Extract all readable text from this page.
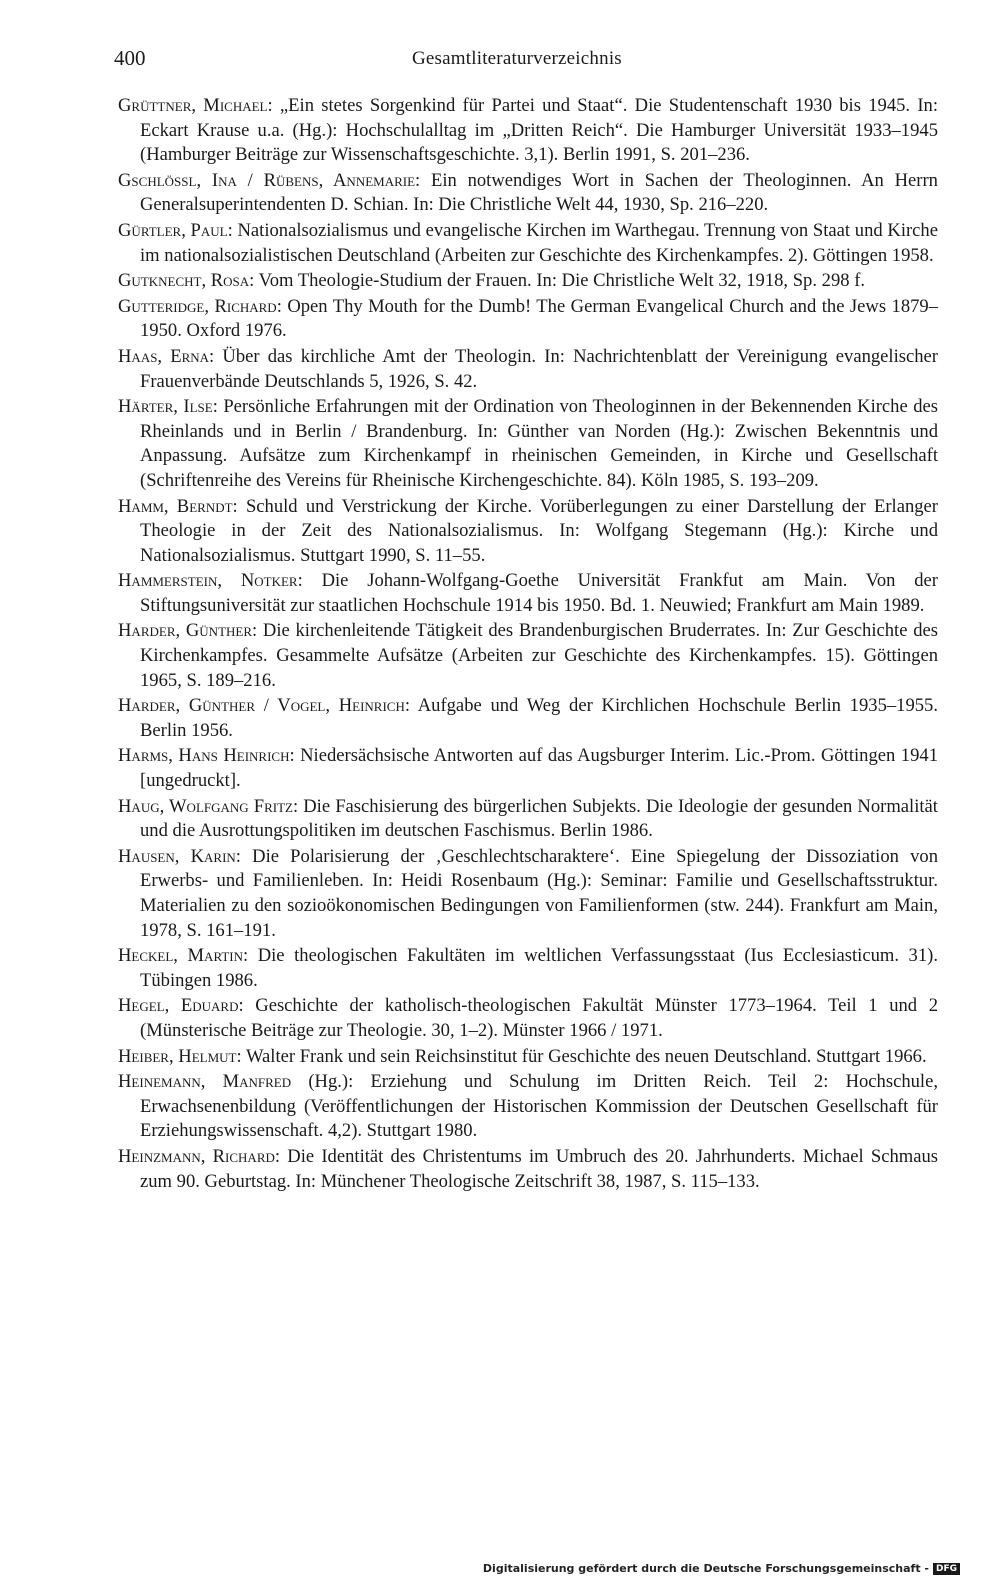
400	Gesamtliteraturverzeichnis

Grüttner, Michael: „Ein stetes Sorgenkind für Partei und Staat“. Die Studentenschaft 1930 bis 1945. In: Eckart Krause u.a. (Hg.): Hochschulalltag im „Dritten Reich“. Die Hamburger Universität 1933–1945 (Hamburger Beiträge zur Wissenschaftsgeschichte. 3,1). Berlin 1991, S. 201–236.

Gschlössl, Ina / Rübens, Annemarie: Ein notwendiges Wort in Sachen der Theologinnen. An Herrn Generalsuperintendenten D. Schian. In: Die Christliche Welt 44, 1930, Sp. 216–220.

Gürtler, Paul: Nationalsozialismus und evangelische Kirchen im Warthegau. Trennung von Staat und Kirche im nationalsozialistischen Deutschland (Arbeiten zur Geschichte des Kirchenkampfes. 2). Göttingen 1958.

Gutknecht, Rosa: Vom Theologie-Studium der Frauen. In: Die Christliche Welt 32, 1918, Sp. 298 f.

Gutteridge, Richard: Open Thy Mouth for the Dumb! The German Evangelical Church and the Jews 1879–1950. Oxford 1976.

Haas, Erna: Über das kirchliche Amt der Theologin. In: Nachrichtenblatt der Vereinigung evangelischer Frauenverbände Deutschlands 5, 1926, S. 42.

Härter, Ilse: Persönliche Erfahrungen mit der Ordination von Theologinnen in der Bekennenden Kirche des Rheinlands und in Berlin / Brandenburg. In: Günther van Norden (Hg.): Zwischen Bekenntnis und Anpassung. Aufsätze zum Kirchenkampf in rheinischen Gemeinden, in Kirche und Gesellschaft (Schriftenreihe des Vereins für Rheinische Kirchengeschichte. 84). Köln 1985, S. 193–209.

Hamm, Berndt: Schuld und Verstrickung der Kirche. Vorüberlegungen zu einer Darstellung der Erlanger Theologie in der Zeit des Nationalsozialismus. In: Wolfgang Stegemann (Hg.): Kirche und Nationalsozialismus. Stuttgart 1990, S. 11–55.

Hammerstein, Notker: Die Johann-Wolfgang-Goethe Universität Frankfut am Main. Von der Stiftungsuniversität zur staatlichen Hochschule 1914 bis 1950. Bd. 1. Neuwied; Frankfurt am Main 1989.

Harder, Günther: Die kirchenleitende Tätigkeit des Brandenburgischen Bruderrates. In: Zur Geschichte des Kirchenkampfes. Gesammelte Aufsätze (Arbeiten zur Geschichte des Kirchenkampfes. 15). Göttingen 1965, S. 189–216.

Harder, Günther / Vogel, Heinrich: Aufgabe und Weg der Kirchlichen Hochschule Berlin 1935–1955. Berlin 1956.

Harms, Hans Heinrich: Niedersächsische Antworten auf das Augsburger Interim. Lic.-Prom. Göttingen 1941 [ungedruckt].

Haug, Wolfgang Fritz: Die Faschisierung des bürgerlichen Subjekts. Die Ideologie der gesunden Normalität und die Ausrottungspolitiken im deutschen Faschismus. Berlin 1986.

Hausen, Karin: Die Polarisierung der ‚Geschlechtscharaktere‘. Eine Spiegelung der Dissoziation von Erwerbs- und Familienleben. In: Heidi Rosenbaum (Hg.): Seminar: Familie und Gesellschaftsstruktur. Materialien zu den sozioökonomischen Bedingungen von Familienformen (stw. 244). Frankfurt am Main, 1978, S. 161–191.

Heckel, Martin: Die theologischen Fakultäten im weltlichen Verfassungsstaat (Ius Ecclesiasticum. 31). Tübingen 1986.

Hegel, Eduard: Geschichte der katholisch-theologischen Fakultät Münster 1773–1964. Teil 1 und 2 (Münsterische Beiträge zur Theologie. 30, 1–2). Münster 1966 / 1971.

Heiber, Helmut: Walter Frank und sein Reichsinstitut für Geschichte des neuen Deutschland. Stuttgart 1966.

Heinemann, Manfred (Hg.): Erziehung und Schulung im Dritten Reich. Teil 2: Hochschule, Erwachsenenbildung (Veröffentlichungen der Historischen Kommission der Deutschen Gesellschaft für Erziehungswissenschaft. 4,2). Stuttgart 1980.

Heinzmann, Richard: Die Identität des Christentums im Umbruch des 20. Jahrhunderts. Michael Schmaus zum 90. Geburtstag. In: Münchener Theologische Zeitschrift 38, 1987, S. 115–133.

Digitalisierung gefördert durch die Deutsche Forschungsgemeinschaft - DFG
